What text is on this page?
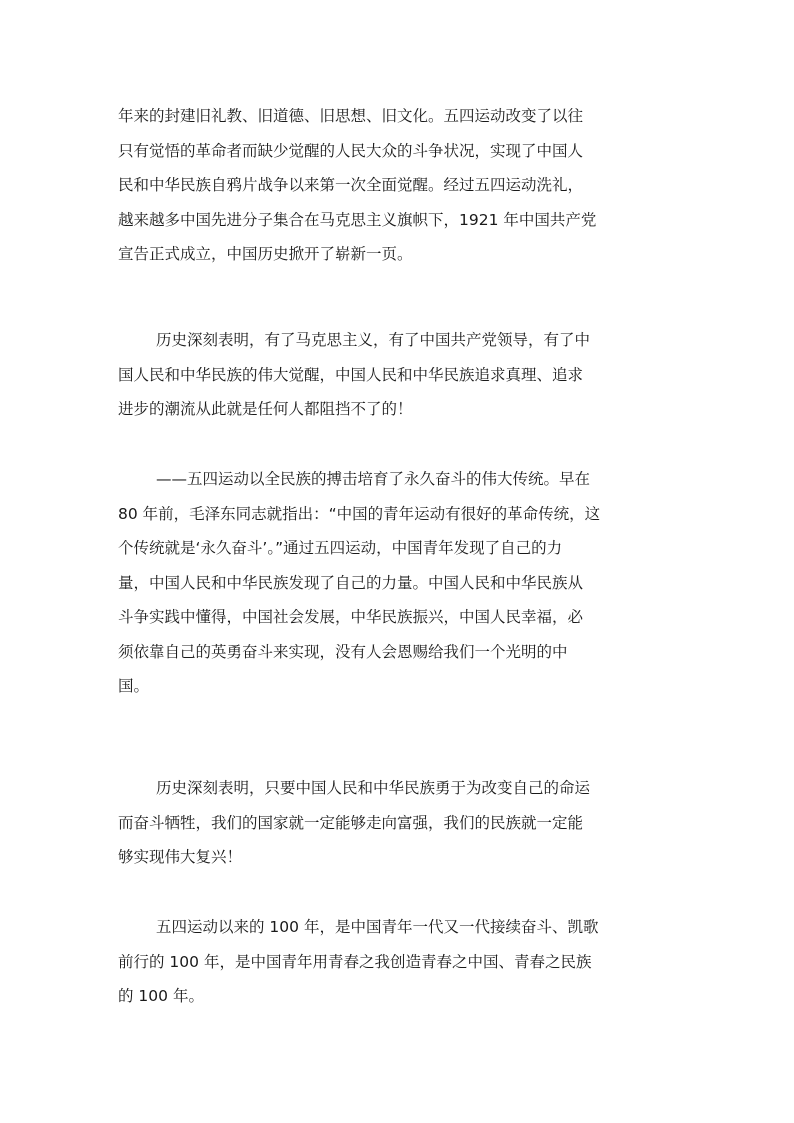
年来的封建旧礼教、旧道德、旧思想、旧文化。五四运动改变了以往
只有觉悟的革命者而缺少觉醒的人民大众的斗争状况，实现了中国人
民和中华民族自鸦片战争以来第一次全面觉醒。经过五四运动洗礼，
越来越多中国先进分子集合在马克思主义旗帜下，1921 年中国共产党
宣告正式成立，中国历史掀开了崭新一页。
历史深刻表明，有了马克思主义，有了中国共产党领导，有了中
国人民和中华民族的伟大觉醒，中国人民和中华民族追求真理、追求
进步的潮流从此就是任何人都阻挡不了的！
——五四运动以全民族的搏击培育了永久奋斗的伟大传统。早在
80 年前，毛泽东同志就指出：“中国的青年运动有很好的革命传统，这
个传统就是‘永久奋斗’。”通过五四运动，中国青年发现了自己的力
量，中国人民和中华民族发现了自己的力量。中国人民和中华民族从
斗争实践中懂得，中国社会发展，中华民族振兴，中国人民幸福，必
须依靠自己的英勇奋斗来实现，没有人会恩赐给我们一个光明的中
国。
历史深刻表明，只要中国人民和中华民族勇于为改变自己的命运
而奋斗牺牲，我们的国家就一定能够走向富强，我们的民族就一定能
够实现伟大复兴！
五四运动以来的 100 年，是中国青年一代又一代接续奋斗、凯歌
前行的 100 年，是中国青年用青春之我创造青春之中国、青春之民族
的 100 年。
